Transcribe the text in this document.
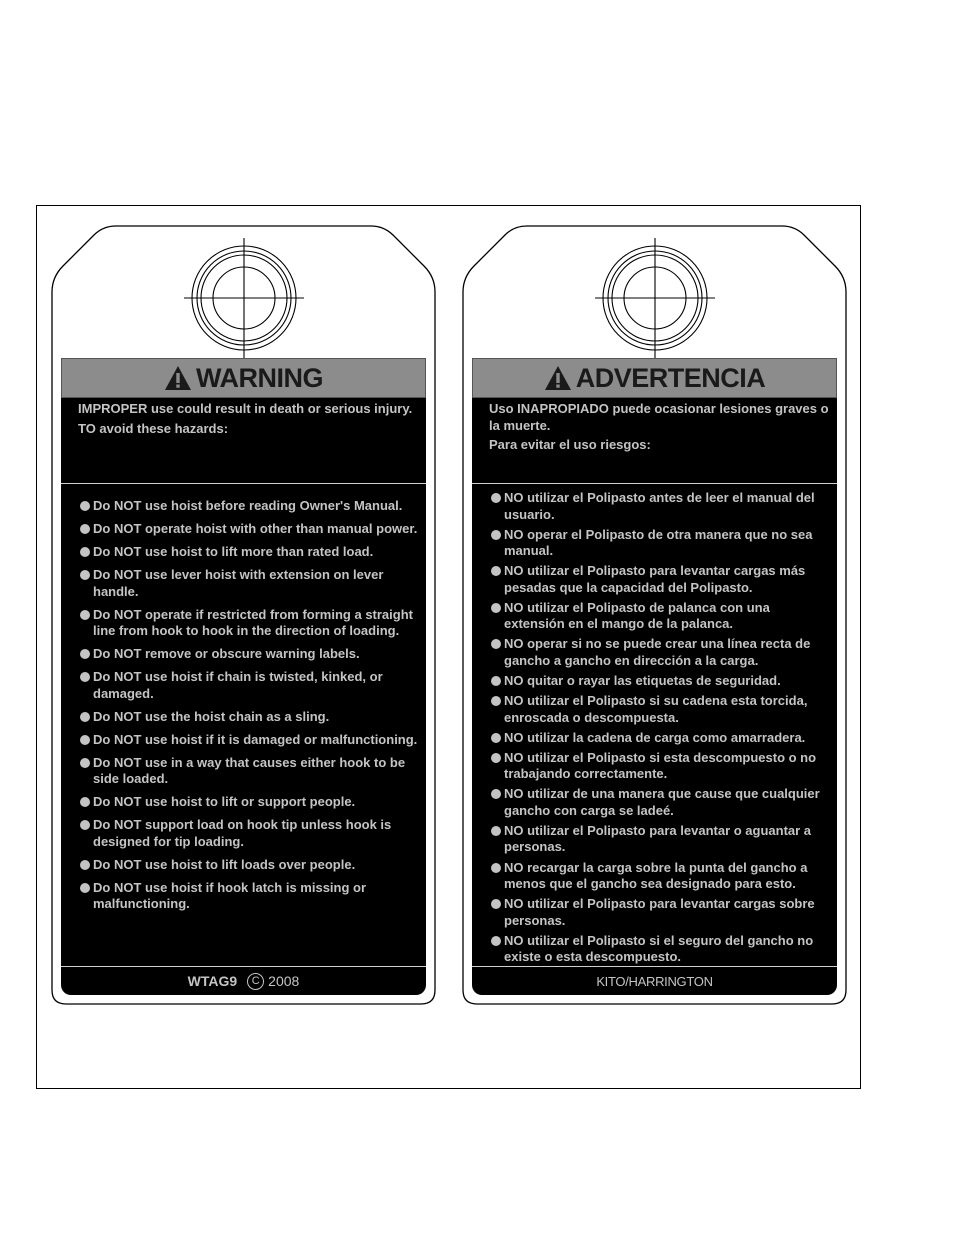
WARNING

IMPROPER use could result in death or serious injury.

TO avoid these hazards:

Do NOT use hoist before reading Owner's Manual.
Do NOT operate hoist with other than manual power.
Do NOT use hoist to lift more than rated load.
Do NOT use lever hoist with extension on lever handle.
Do NOT operate if restricted from forming a straight line from hook to hook in the direction of loading.
Do NOT remove or obscure warning labels.
Do NOT use hoist if chain is twisted, kinked, or damaged.
Do NOT use the hoist chain as a sling.
Do NOT use hoist if it is damaged or malfunctioning.
Do NOT use in a way that causes either hook to be side loaded.
Do NOT use hoist to lift or support people.
Do NOT support load on hook tip unless hook is designed for tip loading.
Do NOT use hoist to lift loads over people.
Do NOT use hoist if hook latch is missing or malfunctioning.
WTAG9	C 2008
ADVERTENCIA

Uso INAPROPIADO puede ocasionar lesiones graves o la muerte.

Para evitar el uso riesgos:

NO utilizar el Polipasto antes de leer el manual del usuario.
NO operar el Polipasto de otra manera que no sea manual.
NO utilizar el Polipasto para levantar cargas más pesadas que la capacidad del Polipasto.
NO utilizar el Polipasto de palanca con una extensión en el mango de la palanca.
NO operar si no se puede crear una línea recta de gancho a gancho en dirección a la carga.
NO quitar o rayar las etiquetas de seguridad.
NO utilizar el Polipasto si su cadena esta torcida, enroscada o descompuesta.
NO utilizar la cadena de carga como amarradera.
NO utilizar el Polipasto si esta descompuesto o no trabajando correctamente.
NO utilizar de una manera que cause que cualquier gancho con carga se ladeé.
NO utilizar el Polipasto para levantar o aguantar a personas.
NO recargar la carga sobre la punta del gancho a menos que el gancho sea designado para esto.
NO utilizar el Polipasto para levantar cargas sobre personas.
NO utilizar el Polipasto si el seguro del gancho no existe o esta descompuesto.
KITO/HARRINGTON
